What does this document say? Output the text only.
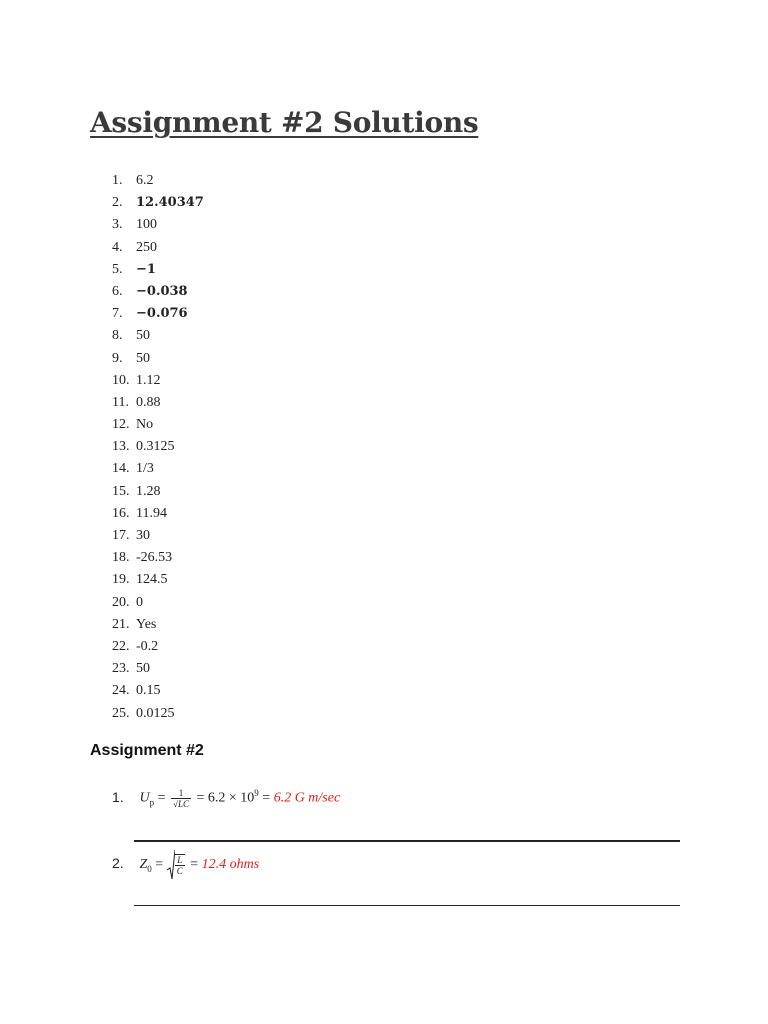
Assignment #2 Solutions
1. 6.2
2. 12.40347
3. 100
4. 250
5. −1
6. −0.038
7. −0.076
8. 50
9. 50
10. 1.12
11. 0.88
12. No
13. 0.3125
14. 1/3
15. 1.28
16. 11.94
17. 30
18. -26.53
19. 124.5
20. 0
21. Yes
22. -0.2
23. 50
24. 0.15
25. 0.0125
Assignment #2
1. $U_p = \frac{1}{√LC} = 6.2 \times 10^9 = 6.2$ G m/sec
2. $Z_0 = \frac{L}{C} = 12.4$ ohms
